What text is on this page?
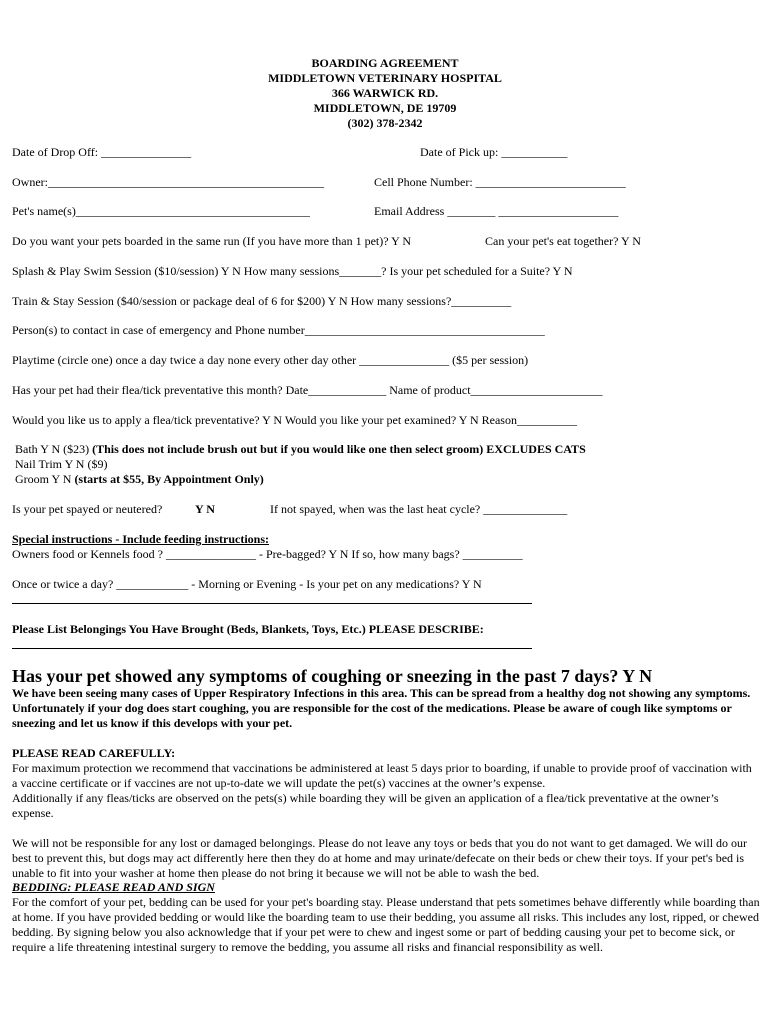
BOARDING AGREEMENT
MIDDLETOWN VETERINARY HOSPITAL
366 WARWICK RD.
MIDDLETOWN, DE 19709
(302) 378-2342
Date of Drop Off: _______________	Date of Pick up: ___________
Owner:______________________________________________	Cell Phone Number: _________________________
Pet's name(s)_______________________________________	Email Address ________ ____________________
Do you want your pets boarded in the same run (If you have more than 1 pet)? Y N	Can your pet's eat together? Y N
Splash & Play Swim Session ($10/session) Y N How many sessions_______? Is your pet scheduled for a Suite? Y N
Train & Stay Session ($40/session or package deal of 6 for $200) Y N How many sessions?__________
Person(s) to contact in case of emergency and Phone number________________________________________
Playtime (circle one) once a day twice a day none every other day other _______________ ($5 per session)
Has your pet had their flea/tick preventative this month? Date_____________ Name of product______________________
Would you like us to apply a flea/tick preventative? Y N Would you like your pet examined? Y N Reason__________
Bath Y N ($23) (This does not include brush out but if you would like one then select groom) EXCLUDES CATS
Nail Trim Y N ($9)
Groom Y N (starts at $55, By Appointment Only)
Is your pet spayed or neutered?	Y N	If not spayed, when was the last heat cycle? ______________
Special instructions - Include feeding instructions:
Owners food or Kennels food ? _______________ - Pre-bagged? Y N If so, how many bags? __________
Once or twice a day? ____________ - Morning or Evening - Is your pet on any medications? Y N
Please List Belongings You Have Brought (Beds, Blankets, Toys, Etc.) PLEASE DESCRIBE:
Has your pet showed any symptoms of coughing or sneezing in the past 7 days? Y N
We have been seeing many cases of Upper Respiratory Infections in this area. This can be spread from a healthy dog not showing any symptoms. Unfortunately if your dog does start coughing, you are responsible for the cost of the medications. Please be aware of cough like symptoms or sneezing and let us know if this develops with your pet.
PLEASE READ CAREFULLY:
For maximum protection we recommend that vaccinations be administered at least 5 days prior to boarding, if unable to provide proof of vaccination with a vaccine certificate or if vaccines are not up-to-date we will update the pet(s) vaccines at the owner’s expense.
Additionally if any fleas/ticks are observed on the pets(s) while boarding they will be given an application of a flea/tick preventative at the owner’s expense.
We will not be responsible for any lost or damaged belongings. Please do not leave any toys or beds that you do not want to get damaged. We will do our best to prevent this, but dogs may act differently here then they do at home and may urinate/defecate on their beds or chew their toys. If your pet's bed is unable to fit into your washer at home then please do not bring it because we will not be able to wash the bed.
BEDDING: PLEASE READ AND SIGN
For the comfort of your pet, bedding can be used for your pet's boarding stay. Please understand that pets sometimes behave differently while boarding than at home. If you have provided bedding or would like the boarding team to use their bedding, you assume all risks. This includes any lost, ripped, or chewed bedding. By signing below you also acknowledge that if your pet were to chew and ingest some or part of bedding causing your pet to become sick, or require a life threatening intestinal surgery to remove the bedding, you assume all risks and financial responsibility as well.
